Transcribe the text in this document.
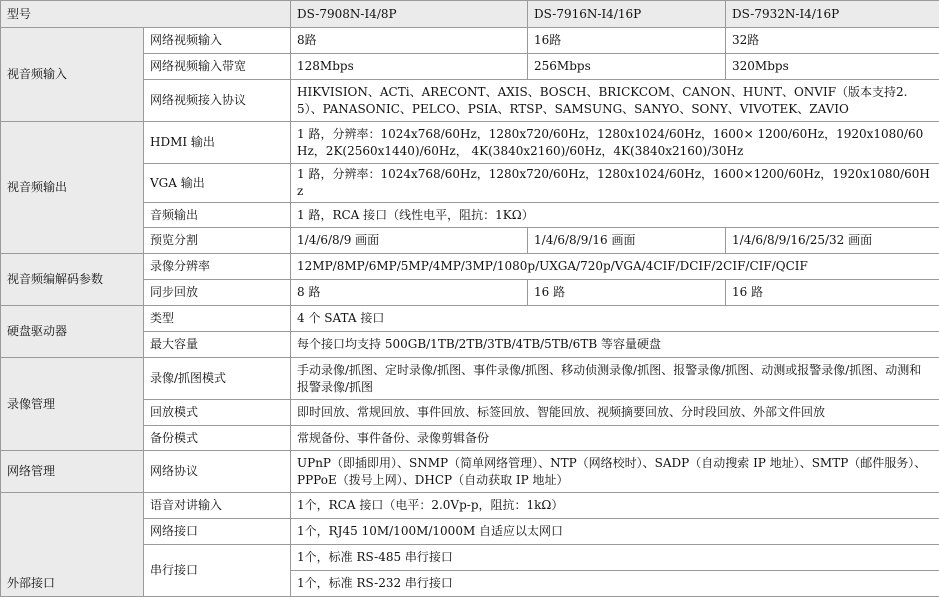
型号		DS-7908N-I4/8P	DS-7916N-I4/16P	DS-7932N-I4/16P
视音频输入	网络视频输入	8路	16路	32路
	网络视频输入带宽	128Mbps	256Mbps	320Mbps
	网络视频接入协议	HIKVISION、ACTi、ARECONT、AXIS、BOSCH、BRICKCOM、CANON、HUNT、ONVIF（版本支持2.5）、PANASONIC、PELCO、PSIA、RTSP、SAMSUNG、SANYO、SONY、VIVOTEK、ZAVIO		
视音频输出	HDMI 输出	1 路，分辨率：1024x768/60Hz，1280x720/60Hz，1280x1024/60Hz，1600× 1200/60Hz，1920x1080/60Hz，2K(2560x1440)/60Hz， 4K(3840x2160)/60Hz，4K(3840x2160)/30Hz		
	VGA 输出	1 路，分辨率：1024x768/60Hz，1280x720/60Hz，1280x1024/60Hz，1600×1200/60Hz，1920x1080/60Hz		
	音频输出	1 路，RCA 接口（线性电平，阻抗：1KΩ）		
	预览分割	1/4/6/8/9 画面	1/4/6/8/9/16 画面	1/4/6/8/9/16/25/32 画面
视音频编解码参数	录像分辨率	12MP/8MP/6MP/5MP/4MP/3MP/1080p/UXGA/720p/VGA/4CIF/DCIF/2CIF/CIF/QCIF		
	同步回放	8 路	16 路	16 路
硬盘驱动器	类型	4 个 SATA 接口		
	最大容量	每个接口均支持 500GB/1TB/2TB/3TB/4TB/5TB/6TB 等容量硬盘		
录像管理	录像/抓图模式	手动录像/抓图、定时录像/抓图、事件录像/抓图、移动侦测录像/抓图、报警录像/抓图、动测或报警录像/抓图、动测和报警录像/抓图		
	回放模式	即时回放、常规回放、事件回放、标签回放、智能回放、视频摘要回放、分时段回放、外部文件回放		
	备份模式	常规备份、事件备份、录像剪辑备份		
网络管理	网络协议	UPnP（即插即用）、SNMP（简单网络管理）、NTP（网络校时）、SADP（自动搜索 IP 地址）、SMTP（邮件服务）、PPPoE（拨号上网）、DHCP（自动获取 IP 地址）		
外部接口	语音对讲输入	1个，RCA 接口（电平：2.0Vp-p，阻抗：1kΩ）		
	网络接口	1个，RJ45 10M/100M/1000M 自适应以太网口		
	串行接口	1个，标准 RS-485 串行接口		
		1个，标准 RS-232 串行接口		
